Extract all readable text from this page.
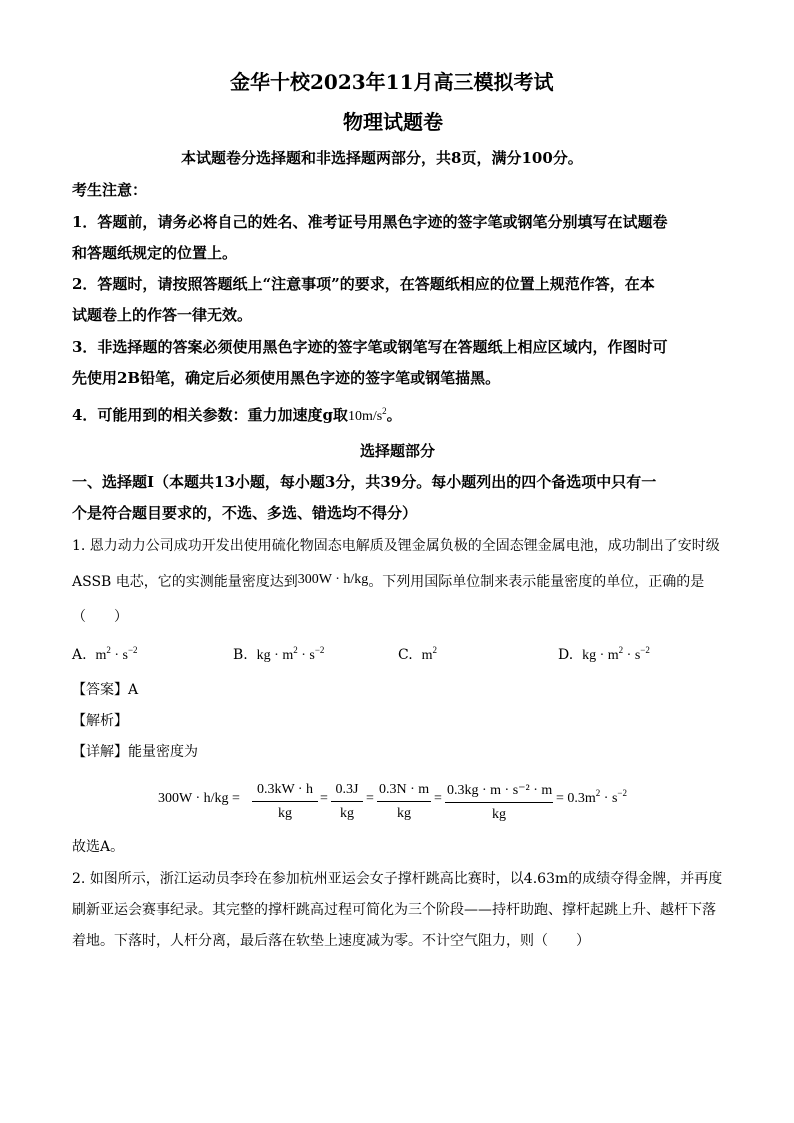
金华十校2023年11月高三模拟考试
物理试题卷
本试题卷分选择题和非选择题两部分，共8页，满分100分。
考生注意：
1．答题前，请务必将自己的姓名、准考证号用黑色字迹的签字笔或钢笔分别填写在试题卷
和答题纸规定的位置上。
2．答题时，请按照答题纸上“注意事项”的要求，在答题纸相应的位置上规范作答，在本
试题卷上的作答一律无效。
3．非选择题的答案必须使用黑色字迹的签字笔或钢笔写在答题纸上相应区域内，作图时可
先使用2B铅笔，确定后必须使用黑色字迹的签字笔或钢笔描黑。
4．可能用到的相关参数：重力加速度g取$10m/s^2$。
选择题部分
一、选择题Ⅰ（本题共13小题，每小题3分，共39分。每小题列出的四个备选项中只有一
个是符合题目要求的，不选、多选、错选均不得分）
1. 恩力动力公司成功开发出使用硫化物固态电解质及锂金属负极的全固态锂金属电池，成功制出了安时级
ASSB 电芯，它的实测能量密度达到300W · h/kg。下列用国际单位制来表示能量密度的单位，正确的是
（　　）
A. $m^2 \cdot s^{-2}$	B. kg · $m^2 \cdot s^{-2}$	C. $m^2$	D. kg · $m^2 \cdot s^{-2}$
【答案】A
【解析】
【详解】能量密度为
$300W \cdot h/kg = \frac{0.3kW \cdot h}{kg} = \frac{0.3J}{kg} = \frac{0.3N \cdot m}{kg} = \frac{\text{0.3kg · m · s⁻² · m}}{kg} = 0.3m^2 \cdot s^{-2}$
故选A。
2. 如图所示，浙江运动员李玲在参加杭州亚运会女子撑杆跳高比赛时，以4.63m的成绩夺得金牌，并再度
刷新亚运会赛事纪录。其完整的撑杆跳高过程可简化为三个阶段——持杆助跑、撑杆起跳上升、越杆下落
着地。下落时，人杆分离，最后落在软垫上速度减为零。不计空气阻力，则（　　）
